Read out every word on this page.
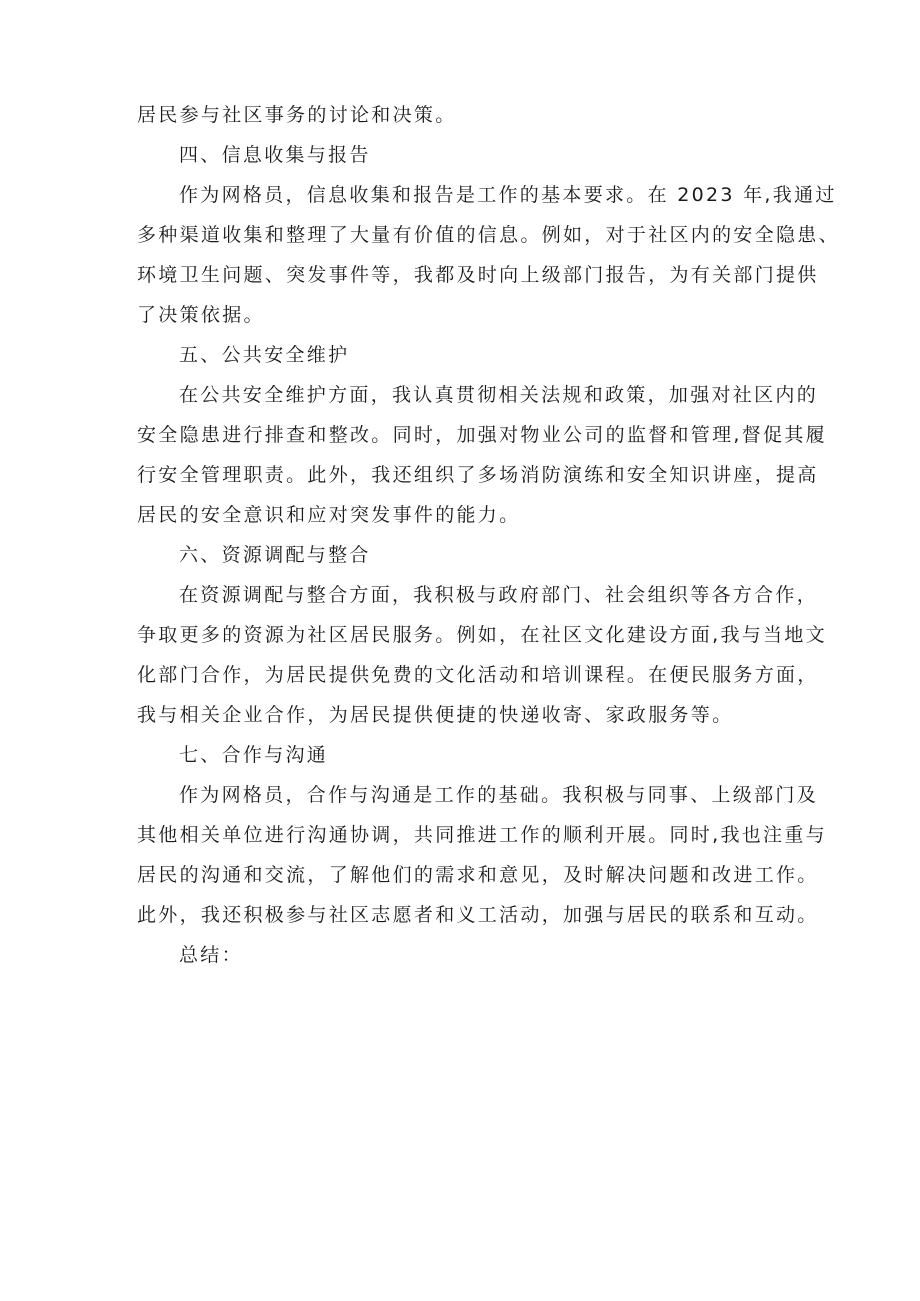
居民参与社区事务的讨论和决策。
四、信息收集与报告
作为网格员，信息收集和报告是工作的基本要求。在 2023 年,我通过
多种渠道收集和整理了大量有价值的信息。例如，对于社区内的安全隐患、
环境卫生问题、突发事件等，我都及时向上级部门报告，为有关部门提供
了决策依据。
五、公共安全维护
在公共安全维护方面，我认真贯彻相关法规和政策，加强对社区内的
安全隐患进行排查和整改。同时，加强对物业公司的监督和管理,督促其履
行安全管理职责。此外，我还组织了多场消防演练和安全知识讲座，提高
居民的安全意识和应对突发事件的能力。
六、资源调配与整合
在资源调配与整合方面，我积极与政府部门、社会组织等各方合作，
争取更多的资源为社区居民服务。例如，在社区文化建设方面,我与当地文
化部门合作，为居民提供免费的文化活动和培训课程。在便民服务方面，
我与相关企业合作，为居民提供便捷的快递收寄、家政服务等。
七、合作与沟通
作为网格员，合作与沟通是工作的基础。我积极与同事、上级部门及
其他相关单位进行沟通协调，共同推进工作的顺利开展。同时,我也注重与
居民的沟通和交流，了解他们的需求和意见，及时解决问题和改进工作。
此外，我还积极参与社区志愿者和义工活动，加强与居民的联系和互动。
总结：
